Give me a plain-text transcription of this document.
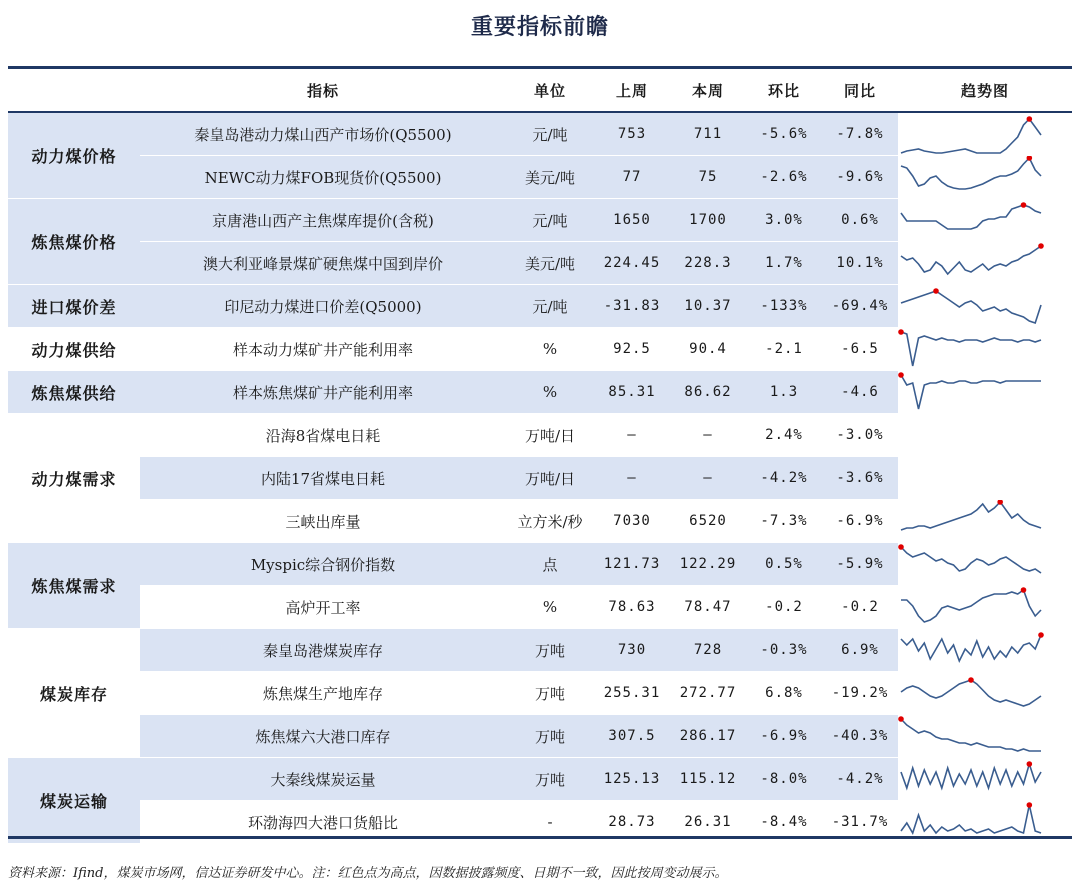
重要指标前瞻
	指标	单位	上周	本周	环比	同比	趋势图
动力煤价格	秦皇岛港动力煤山西产市场价(Q5500)	元/吨	753	711	-5.6%	-7.8%	

	NEWC动力煤FOB现货价(Q5500)	美元/吨	77	75	-2.6%	-9.6%	

炼焦煤价格	京唐港山西产主焦煤库提价(含税)	元/吨	1650	1700	3.0%	0.6%	

	澳大利亚峰景煤矿硬焦煤中国到岸价	美元/吨	224.45	228.3	1.7%	10.1%	

进口煤价差	印尼动力煤进口价差(Q5000)	元/吨	-31.83	10.37	-133%	-69.4%	

动力煤供给	样本动力煤矿井产能利用率	%	92.5	90.4	-2.1	-6.5	

炼焦煤供给	样本炼焦煤矿井产能利用率	%	85.31	86.62	1.3	-4.6	

动力煤需求	沿海8省煤电日耗	万吨/日	–	–	2.4%	-3.0%	

	内陆17省煤电日耗	万吨/日	–	–	-4.2%	-3.6%	

	三峡出库量	立方米/秒	7030	6520	-7.3%	-6.9%	

炼焦煤需求	Myspic综合钢价指数	点	121.73	122.29	0.5%	-5.9%	

	高炉开工率	%	78.63	78.47	-0.2	-0.2	

煤炭库存	秦皇岛港煤炭库存	万吨	730	728	-0.3%	6.9%	

	炼焦煤生产地库存	万吨	255.31	272.77	6.8%	-19.2%	

	炼焦煤六大港口库存	万吨	307.5	286.17	-6.9%	-40.3%	

煤炭运输	大秦线煤炭运量	万吨	125.13	115.12	-8.0%	-4.2%	

	环渤海四大港口货船比	-	28.73	26.31	-8.4%	-31.7%	
资料来源：Ifind，煤炭市场网，信达证券研发中心。注：红色点为高点，因数据披露频度、日期不一致，因此按周变动展示。
